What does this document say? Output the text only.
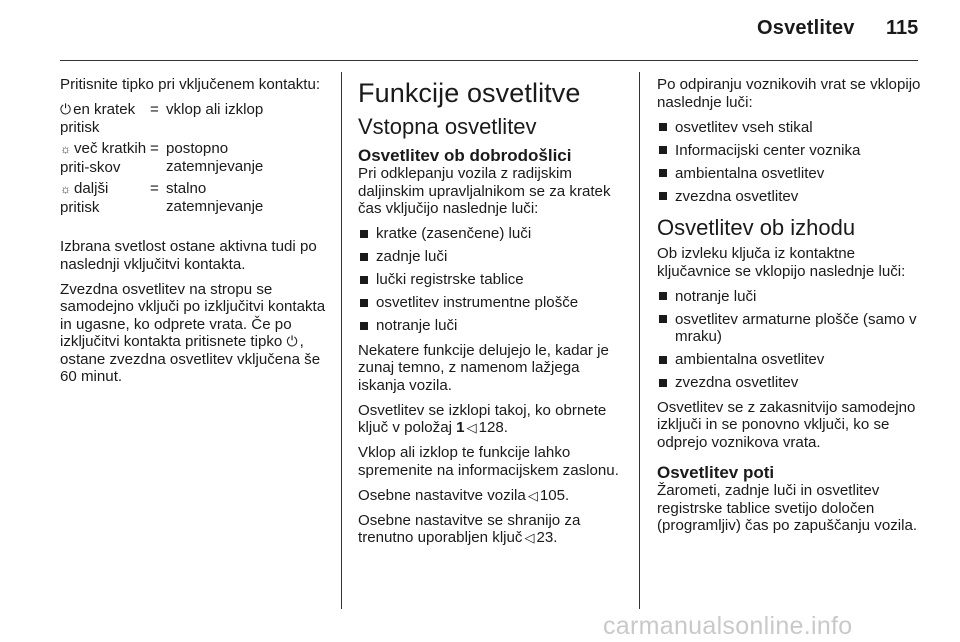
Osvetlitev 115

Pritisnite tipko pri vključenem kontaktu:

⏻ en kratek pritisk
= vklop ali izklop
☼ več kratkih priti-skov
= postopno zatemnjevanje
☼ daljši pritisk
= stalno zatemnjevanje

Izbrana svetlost ostane aktivna tudi po naslednji vključitvi kontakta.

Zvezdna osvetlitev na stropu se samodejno vključi po izključitvi kontakta in ugasne, ko odprete vrata. Če po izključitvi kontakta pritisnete tipko ⏻ , ostane zvezdna osvetlitev vključena še 60 minut.

Funkcije osvetlitve
Vstopna osvetlitev
Osvetlitev ob dobrodošlici

Pri odklepanju vozila z radijskim daljinskim upravljalnikom se za kratek čas vključijo naslednje luči:

kratke (zasenčene) luči
zadnje luči
lučki registrske tablice
osvetlitev instrumentne plošče
notranje luči

Nekatere funkcije delujejo le, kadar je zunaj temno, z namenom lažjega iskanja vozila.

Osvetlitev se izklopi takoj, ko obrnete ključ v položaj 1 ◁ 128.

Vklop ali izklop te funkcije lahko spremenite na informacijskem zaslonu.

Osebne nastavitve vozila ◁ 105.

Osebne nastavitve se shranijo za trenutno uporabljen ključ ◁ 23.

Po odpiranju voznikovih vrat se vklopijo naslednje luči:

osvetlitev vseh stikal
Informacijski center voznika
ambientalna osvetlitev
zvezdna osvetlitev
Osvetlitev ob izhodu

Ob izvleku ključa iz kontaktne ključavnice se vklopijo naslednje luči:

notranje luči
osvetlitev armaturne plošče (samo v mraku)
ambientalna osvetlitev
zvezdna osvetlitev

Osvetlitev se z zakasnitvijo samodejno izključi in se ponovno vključi, ko se odprejo voznikova vrata.

Osvetlitev poti

Žarometi, zadnje luči in osvetlitev registrske tablice svetijo določen (programljiv) čas po zapuščanju vozila.

carmanualsonline.info
